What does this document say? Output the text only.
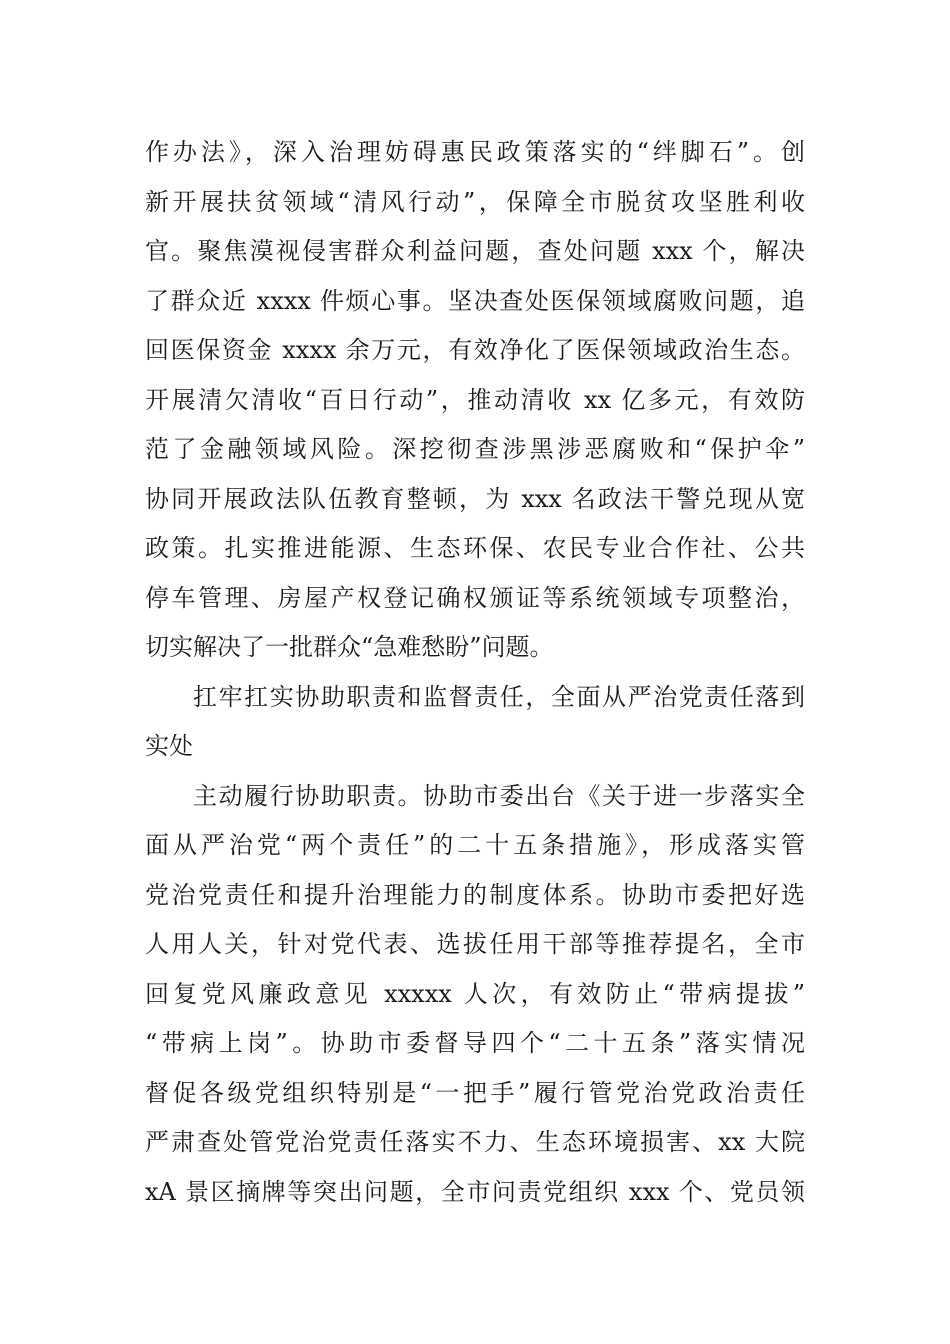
作办法》，深入治理妨碍惠民政策落实的“绊脚石”。创
新开展扶贫领域“清风行动”，保障全市脱贫攻坚胜利收
官。聚焦漠视侵害群众利益问题，查处问题 xxx 个，解决
了群众近 xxxx 件烦心事。坚决查处医保领域腐败问题，追
回医保资金 xxxx 余万元，有效净化了医保领域政治生态。
开展清欠清收“百日行动”，推动清收 xx 亿多元，有效防
范了金融领域风险。深挖彻查涉黑涉恶腐败和“保护伞”
协同开展政法队伍教育整顿，为 xxx 名政法干警兑现从宽
政策。扎实推进能源、生态环保、农民专业合作社、公共
停车管理、房屋产权登记确权颁证等系统领域专项整治，
切实解决了一批群众“急难愁盼”问题。
扛牢扛实协助职责和监督责任，全面从严治党责任落到
实处
主动履行协助职责。协助市委出台《关于进一步落实全
面从严治党“两个责任”的二十五条措施》，形成落实管
党治党责任和提升治理能力的制度体系。协助市委把好选
人用人关，针对党代表、选拔任用干部等推荐提名，全市
回复党风廉政意见 xxxxx 人次，有效防止“带病提拔”
“带病上岗”。协助市委督导四个“二十五条”落实情况
督促各级党组织特别是“一把手”履行管党治党政治责任
严肃查处管党治党责任落实不力、生态环境损害、xx 大院
xA 景区摘牌等突出问题，全市问责党组织 xxx 个、党员领
